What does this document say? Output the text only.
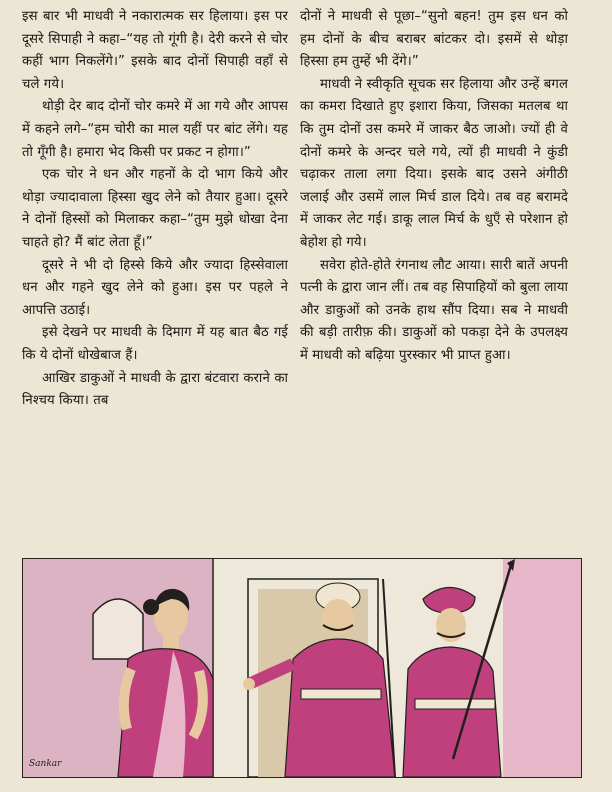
इस बार भी माधवी ने नकारात्मक सर हिलाया। इस पर दूसरे सिपाही ने कहा–“यह तो गूंगी है। देरी करने से चोर कहीं भाग निकलेंगे।” इसके बाद दोनों सिपाही वहाँ से चले गये।

थोड़ी देर बाद दोनों चोर कमरे में आ गये और आपस में कहने लगे–“हम चोरी का माल यहीं पर बांट लेंगे। यह तो गूँगी है। हमारा भेद किसी पर प्रकट न होगा।”

एक चोर ने धन और गहनों के दो भाग किये और थोड़ा ज्यादावाला हिस्सा खुद लेने को तैयार हुआ। दूसरे ने दोनों हिस्सों को मिलाकर कहा–“तुम मुझे धोखा देना चाहते हो? मैं बांट लेता हूँ।”

दूसरे ने भी दो हिस्से किये और ज्यादा हिस्सेवाला धन और गहने खुद लेने को हुआ। इस पर पहले ने आपत्ति उठाई।

इसे देखने पर माधवी के दिमाग में यह बात बैठ गई कि ये दोनों धोखेबाज हैं।

आखिर डाकुओं ने माधवी के द्वारा बंटवारा कराने का निश्चय किया। तब

दोनों ने माधवी से पूछा–“सुनो बहन! तुम इस धन को हम दोनों के बीच बराबर बांटकर दो। इसमें से थोड़ा हिस्सा हम तुम्हें भी देंगे।”

माधवी ने स्वीकृति सूचक सर हिलाया और उन्हें बगल का कमरा दिखाते हुए इशारा किया, जिसका मतलब था कि तुम दोनों उस कमरे में जाकर बैठ जाओ। ज्यों ही वे दोनों कमरे के अन्दर चले गये, त्यों ही माधवी ने कुंडी चढ़ाकर ताला लगा दिया। इसके बाद उसने अंगीठी जलाई और उसमें लाल मिर्च डाल दिये। तब वह बरामदे में जाकर लेट गई। डाकू लाल मिर्च के धुएँ से परेशान हो बेहोश हो गये।

सवेरा होते-होते रंगनाथ लौट आया। सारी बातें अपनी पत्नी के द्वारा जान लीं। तब वह सिपाहियों को बुला लाया और डाकुओं को उनके हाथ सौंप दिया। सब ने माधवी की बड़ी तारीफ़ की। डाकुओं को पकड़ा देने के उपलक्ष्य में माधवी को बढ़िया पुरस्कार भी प्राप्त हुआ।

Sankar
